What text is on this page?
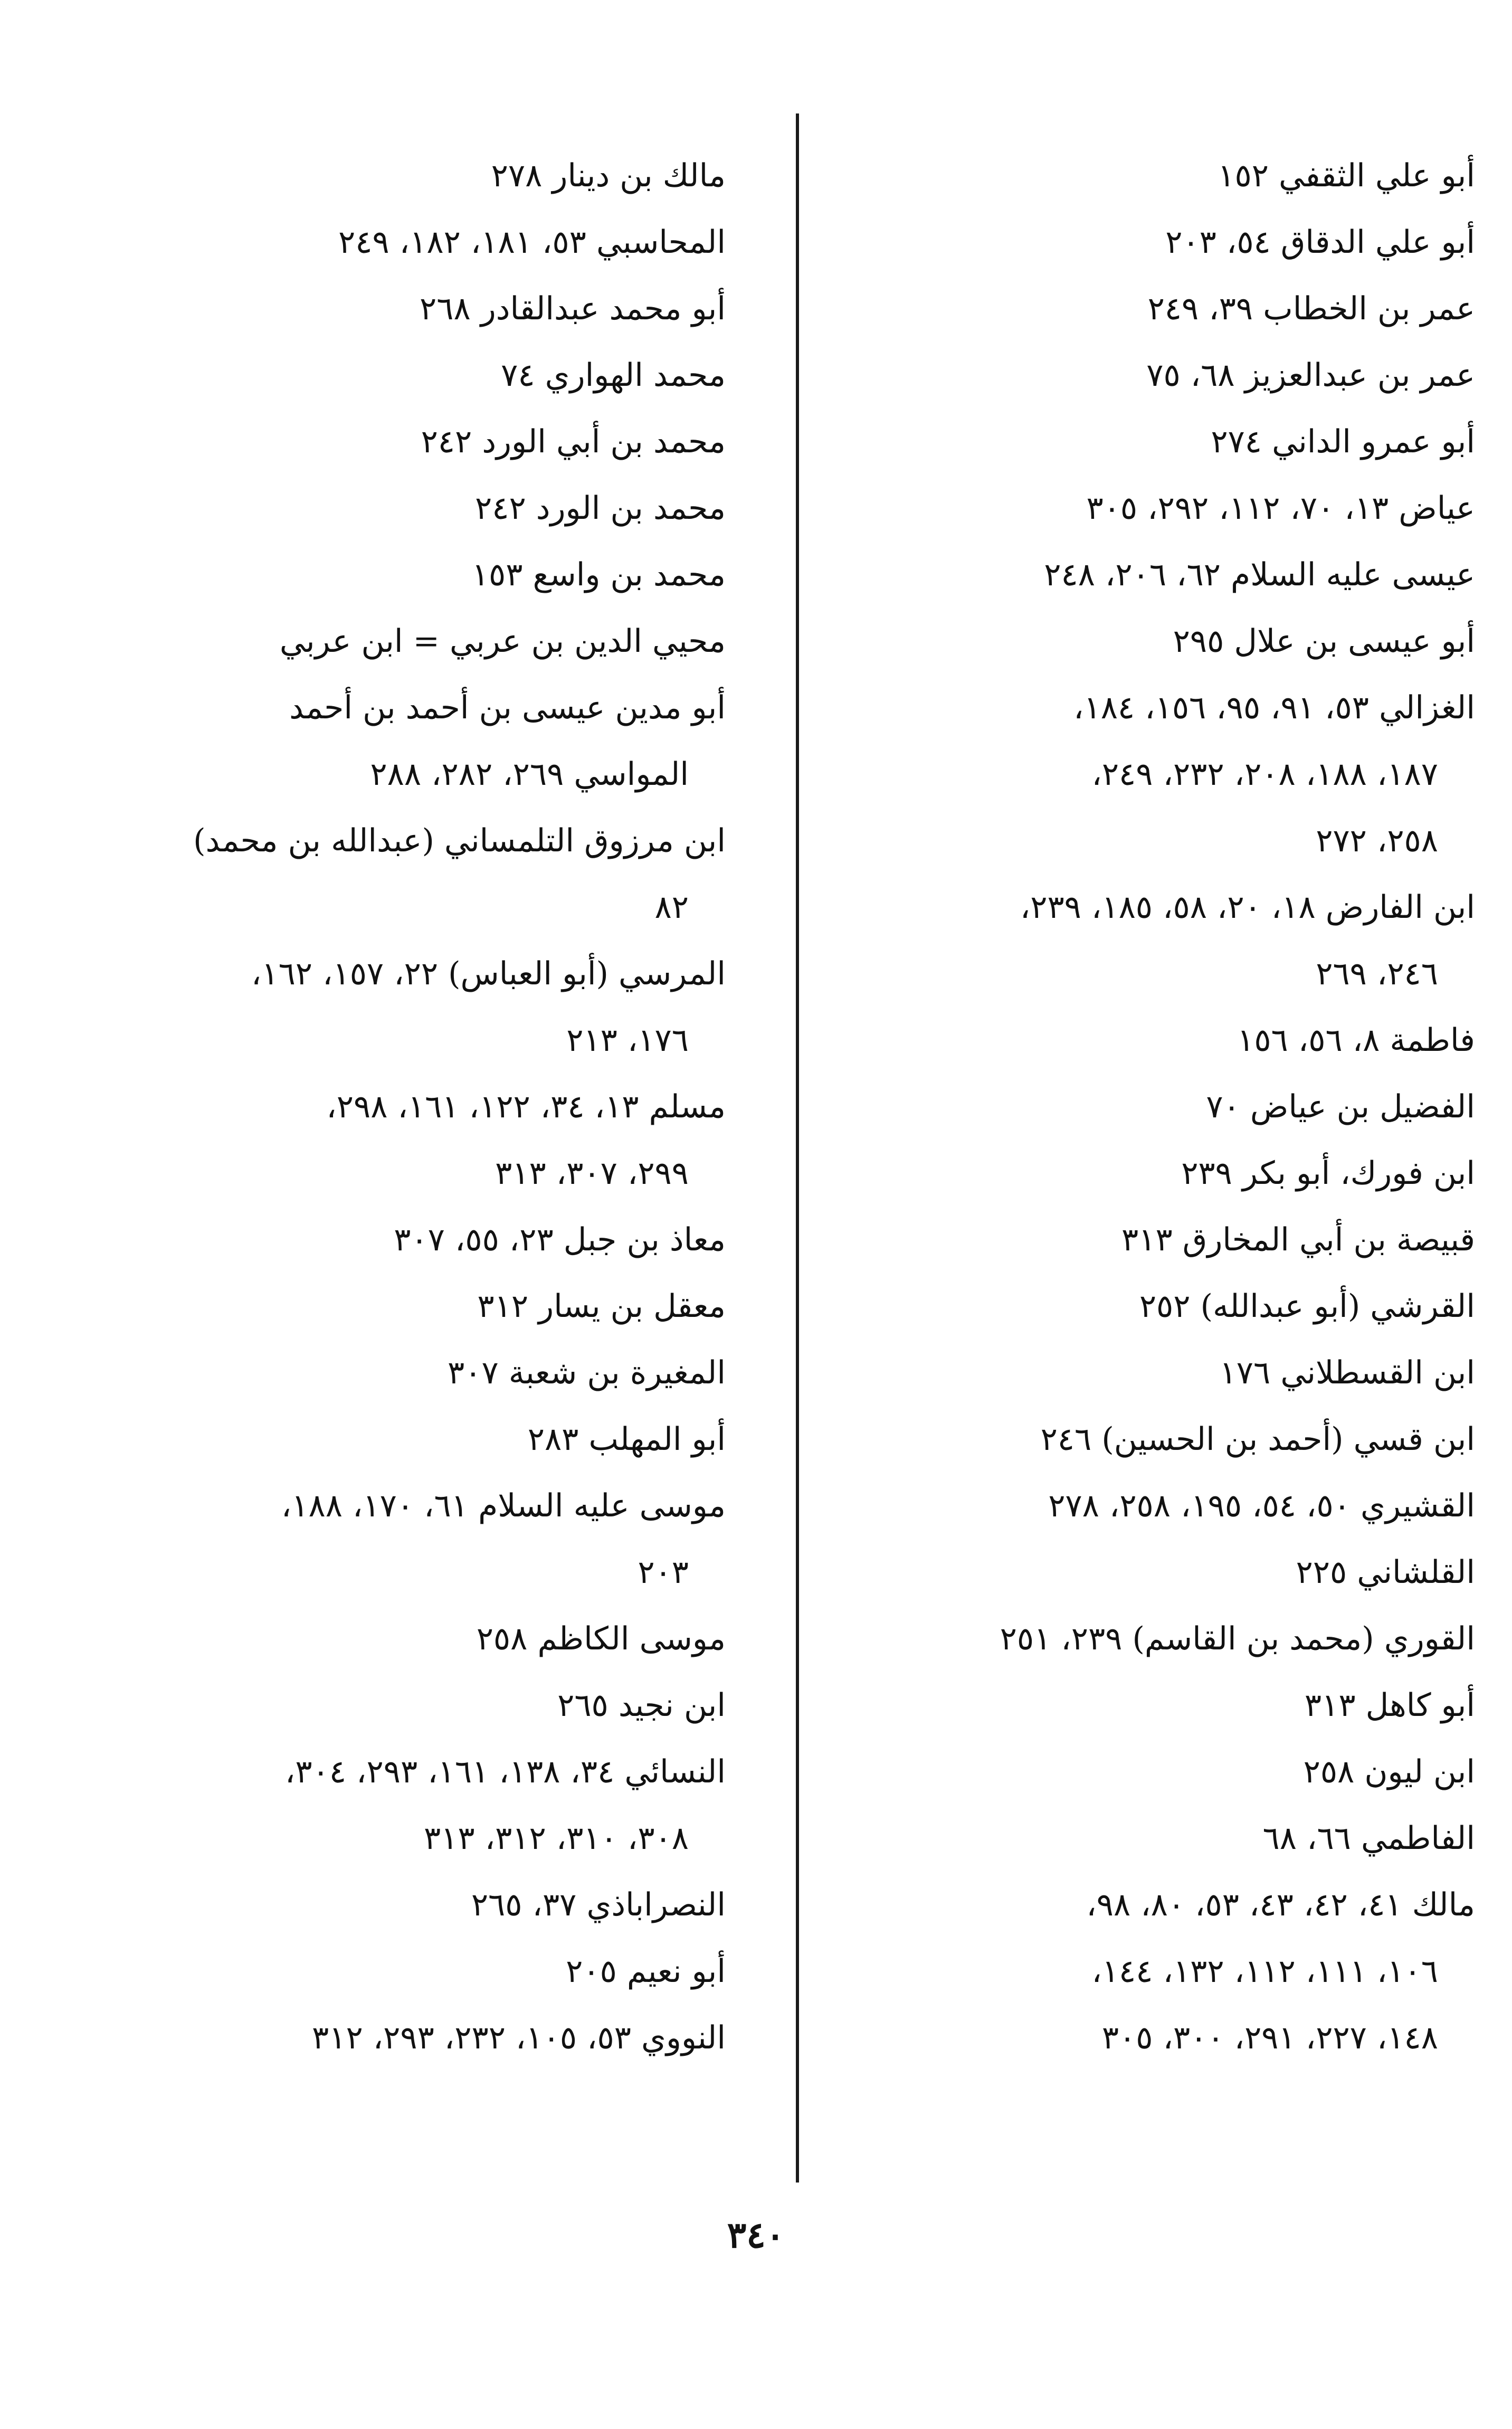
أبو علي الثقفي ١٥٢
أبو علي الدقاق ٥٤، ٢٠٣
عمر بن الخطاب ٣٩، ٢٤٩
عمر بن عبدالعزيز ٦٨، ٧٥
أبو عمرو الداني ٢٧٤
عياض ١٣، ٧٠، ١١٢، ٢٩٢، ٣٠٥
عيسى عليه السلام ٦٢، ٢٠٦، ٢٤٨
أبو عيسى بن علال ٢٩٥
الغزالي ٥٣، ٩١، ٩٥، ١٥٦، ١٨٤،
١٨٧، ١٨٨، ٢٠٨، ٢٣٢، ٢٤٩،
٢٥٨، ٢٧٢
ابن الفارض ١٨، ٢٠، ٥٨، ١٨٥، ٢٣٩،
٢٤٦، ٢٦٩
فاطمة ٨، ٥٦، ١٥٦
الفضيل بن عياض ٧٠
ابن فورك، أبو بكر ٢٣٩
قبيصة بن أبي المخارق ٣١٣
القرشي (أبو عبدالله) ٢٥٢
ابن القسطلاني ١٧٦
ابن قسي (أحمد بن الحسين) ٢٤٦
القشيري ٥٠، ٥٤، ١٩٥، ٢٥٨، ٢٧٨
القلشاني ٢٢٥
القوري (محمد بن القاسم) ٢٣٩، ٢٥١
أبو كاهل ٣١٣
ابن ليون ٢٥٨
الفاطمي ٦٦، ٦٨
مالك ٤١، ٤٢، ٤٣، ٥٣، ٨٠، ٩٨،
١٠٦، ١١١، ١١٢، ١٣٢، ١٤٤،
١٤٨، ٢٢٧، ٢٩١، ٣٠٠، ٣٠٥
مالك بن دينار ٢٧٨
المحاسبي ٥٣، ١٨١، ١٨٢، ٢٤٩
أبو محمد عبدالقادر ٢٦٨
محمد الهواري ٧٤
محمد بن أبي الورد ٢٤٢
محمد بن الورد ٢٤٢
محمد بن واسع ١٥٣
محيي الدين بن عربي = ابن عربي
أبو مدين عيسى بن أحمد بن أحمد
المواسي ٢٦٩، ٢٨٢، ٢٨٨
ابن مرزوق التلمساني (عبدالله بن محمد)
٨٢
المرسي (أبو العباس) ٢٢، ١٥٧، ١٦٢،
١٧٦، ٢١٣
مسلم ١٣، ٣٤، ١٢٢، ١٦١، ٢٩٨،
٢٩٩، ٣٠٧، ٣١٣
معاذ بن جبل ٢٣، ٥٥، ٣٠٧
معقل بن يسار ٣١٢
المغيرة بن شعبة ٣٠٧
أبو المهلب ٢٨٣
موسى عليه السلام ٦١، ١٧٠، ١٨٨،
٢٠٣
موسى الكاظم ٢٥٨
ابن نجيد ٢٦٥
النسائي ٣٤، ١٣٨، ١٦١، ٢٩٣، ٣٠٤،
٣٠٨، ٣١٠، ٣١٢، ٣١٣
النصراباذي ٣٧، ٢٦٥
أبو نعيم ٢٠٥
النووي ٥٣، ١٠٥، ٢٣٢، ٢٩٣، ٣١٢
٣٤٠
